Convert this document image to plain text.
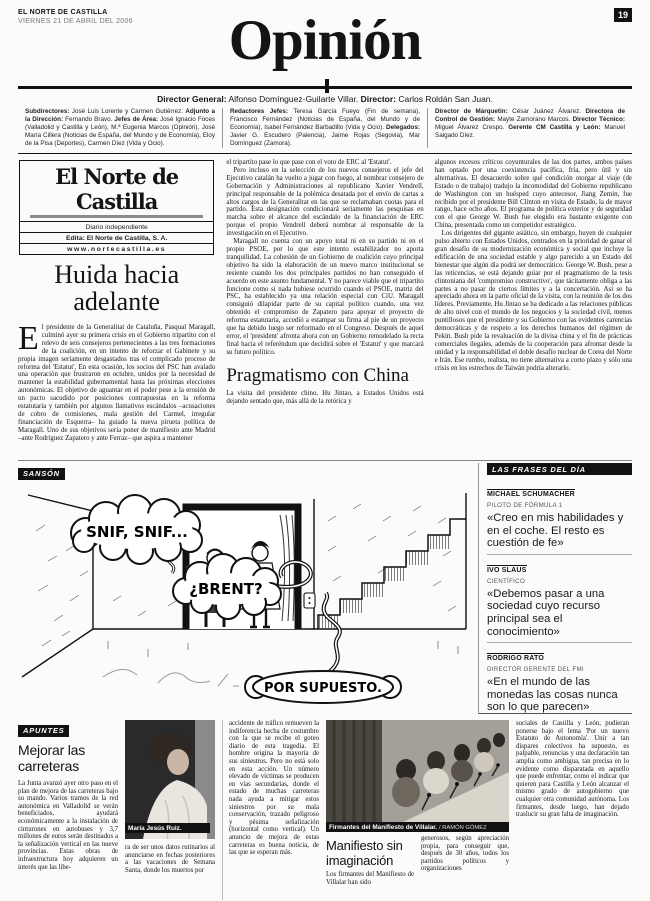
EL NORTE DE CASTILLA
VIERNES 21 DE ABRIL DEL 2006	Opinión	19
Director General: Alfonso Domínguez-Guilarte Villar. Director: Carlos Roldán San Juan.
Subdirectores: José Luis Lorente y Carmen Gutiérrez. Adjunto a la Dirección: Fernando Bravo. Jefes de Área: José Ignacio Foces (Valladolid y Castilla y León), M.ª Eugenia Marcos (Opinión), José María Cillera (Noticias de España, del Mundo y de Economía), Eloy de la Pisa (Deportes), Carmen Díez (Vida y Ocio).
Redactores Jefes: Teresa García Fueyo (Fin de semana), Francisco Fernández (Noticias de España, del Mundo y de Economía), Isabel Fernández Barbadillo (Vida y Ocio). Delegados: Javier G. Escudero (Palencia), Jaime Rojas (Segovia), Mar Domínguez (Zamora).
Director de Márquetin: César Juánez Álvarez. Directora de Control de Gestión: Mayte Zamorano Marcos. Director Técnico: Miguel Álvarez Crespo. Gerente CM Castilla y León: Manuel Salgado Díez.
El Norte de Castilla
Diario independiente
Edita: El Norte de Castilla, S. A.
www.nortecastilla.es
Huida hacia adelante

El presidente de la Generalitat de Cataluña, Pasqual Maragall, culminó ayer su primera crisis en el Gobierno tripartito con el relevo de seis consejeros pertenecientes a las tres formaciones de la coalición, en un intento de reforzar el Gabinete y su propia imagen seriamente desgastados tras el complicado proceso de reforma del 'Estatut'. En esta ocasión, los socios del PSC han avalado una operación que frustraron en octubre, unidos por la necesidad de mantener la estabilidad gubernamental hasta las próximas elecciones autonómicas. El objetivo de aguantar en el poder pese a la erosión de un pacto sacudido por posiciones contrapuestas en la reforma estatutaria y también por algunos llamativos escándalos –acusaciones de cobro de comisiones, mala gestión del Carmel, irregular financiación de Esquerra– ha guiado la nueva pirueta política de Maragall. Uno de sus objetivos sería poner de manifiesto ante Madrid –ante Rodríguez Zapatero y ante Ferraz– que aspira a mantener

el tripartito pase lo que pase con el voto de ERC al 'Estatut'.

Pero incluso en la selección de los nuevos consejeros el jefe del Ejecutivo catalán ha vuelto a jugar con fuego, al nombrar consejero de Gobernación y Administraciones al republicano Xavier Vendrell, principal responsable de la polémica desatada por el envío de cartas a altos cargos de la Generalitat en las que se reclamaban cuotas para el partido. Esta designación condicionará seriamente las pesquisas en marcha sobre el alcance del escándalo de la financiación de ERC porque el propio Vendrell deberá nombrar al responsable de la investigación en el Ejecutivo.

Maragall no cuenta con un apoyo total ni en su partido ni en el propio PSOE, por lo que este intento estabilizador no aporta tranquilidad. La cohesión de un Gobierno de coalición cuyo principal objetivo ha sido la elaboración de un nuevo marco institucional se resiente cuando los dos principales partidos no han conseguido el acuerdo en este asunto fundamental. Y no parece viable que el tripartito funcione como si nada hubiese ocurrido cuando el PSOE, matriz del PSC, ha establecido ya una relación especial con CiU. Maragall consiguió dilapidar parte de su capital político cuando, una vez obtenido el compromiso de Zapatero para apoyar el proyecto de reforma estatutaria, accedió a estampar su firma al pie de un proyecto que ha debido luego ser reformado en el Congreso. Después de aquel error, el 'president' afronta ahora con un Gobierno remodelado la recta final hacia el referéndum que decidirá sobre el 'Estatut' y que marcará su futuro político.

Pragmatismo con China

La visita del presidente chino, Hu Jintao, a Estados Unidos está dejando sentado que, más allá de la retórica y

algunos excesos críticos coyunturales de las dos partes, ambos países han optado por una coexistencia pacífica, fría, pero útil y sin alternativas. El desacuerdo sobre qué condición otorgar al viaje (de Estado o de trabajo) tradujo la incomodidad del Gobierno republicano de Washington con un huésped cuyo antecesor, Jiang Zemin, fue recibido por el presidente Bill Clinton en visita de Estado, la de mayor rango, hace ocho años. El programa de política exterior y de seguridad con el que George W. Bush fue elegido era bastante exigente con China, presentada como un competidor estratégico.

Los dirigentes del gigante asiático, sin embargo, huyen de cualquier pulso abierto con Estados Unidos, centrados en la prioridad de ganar el gran desafío de su modernización económica y social que incluye la edificación de una sociedad estable y algo parecido a un Estado del bienestar que algún día podrá ser democrático. George W. Bush, pese a las reticencias, se está dejando guiar por el pragmatismo de la tesis clintoniana del 'compromiso constructivo', que tácitamente obliga a las partes a no pasar de ciertos límites y a la concertación. Así se ha apreciado ahora en la parte oficial de la visita, con la reunión de los dos líderes. Previamente, Hu Jintao se ha dedicado a las relaciones públicas de alto nivel con el mundo de los negocios y la sociedad civil, menos puntillosos que el presidente y su Gobierno con las evidentes carencias democráticas y de respeto a los derechos humanos del régimen de Pekín. Bush pide la revaluación de la divisa china y el fin de prácticas comerciales ilegales, además de la cooperación para afrontar desde la unidad y la responsabilidad el doble desafío nuclear de Corea del Norte e Irán. Ese rumbo, realista, no tiene alternativa a corto plazo y sólo una crisis en los estrechos de Taiwán podría alterarlo.

SANSÓN
SNIF, SNIF...
¿BRENT?
POR SUPUESTO.
LAS FRASES DEL DÍA
MICHAEL SCHUMACHER
PILOTO DE FÓRMULA 1
«Creo en mis habilidades y en el coche. El resto es cuestión de fe»
IVO SLAUS
CIENTÍFICO
«Debemos pasar a una sociedad cuyo recurso principal sea el conocimiento»
RODRIGO RATO
DIRECTOR GERENTE DEL FMI
«En el mundo de las monedas las cosas nunca son lo que parecen»
APUNTES
Mejorar las carreteras
La Junta avanzó ayer otro paso en el plan de mejora de las carreteras bajo su mando. Varios tramos de la red autonómica en Valladolid se verán beneficiados, ayudará económicamente a la instalación de cinturones en autobuses y 3,7 millones de euros serán destinados a la señalización vertical en las nueve provincias. Estas obras de infraestructura hoy adquieren un interés que las libe-
María Jesús Ruiz.
ra de ser unos datos rutinarios al anunciarse en fechas posteriores a las vacaciones de Semana Santa, donde los muertos por
accidente de tráfico remueven la indiferencia hecha de costumbre con la que se recibe el goteo diario de esta tragedia. El hombre origina la mayoría de sus siniestros. Pero no está solo en esta acción. Un número elevado de víctimas se producen en vías secundarias, donde el estado de muchas carreteras nada ayuda a mitigar estos siniestros por su mala conservación, trazado peligroso y pésima señalización (horizontal como vertical). Un anuncio de mejora de estas carreteras es buena noticia, de las que se esperan más.
Firmantes del Manifiesto de Villalar. / RAMÓN GÓMEZ
Manifiesto sin imaginación
Los firmantes del Manifiesto de Villalar han sido
generosos, según apreciación propia, para conseguir que, después de 30 años, todos los partidos políticos y organizaciones
sociales de Castilla y León, pudieran ponerse bajo el lema 'Por un nuevo Estatuto de Autonomía'. Unir a tan dispares colectivos ha supuesto, es palpable, renuncias y una declaración tan amplia como ambigua, tan precisa en lo evidente como disparatada en aquello que puede enfrentar, como el indicar que quieren para Castilla y León alcanzar el mismo grado de autogobierno que cualquier otra comunidad autónoma. Los firmantes, desde luego, han dejado traslucir su gran falta de imaginación.
